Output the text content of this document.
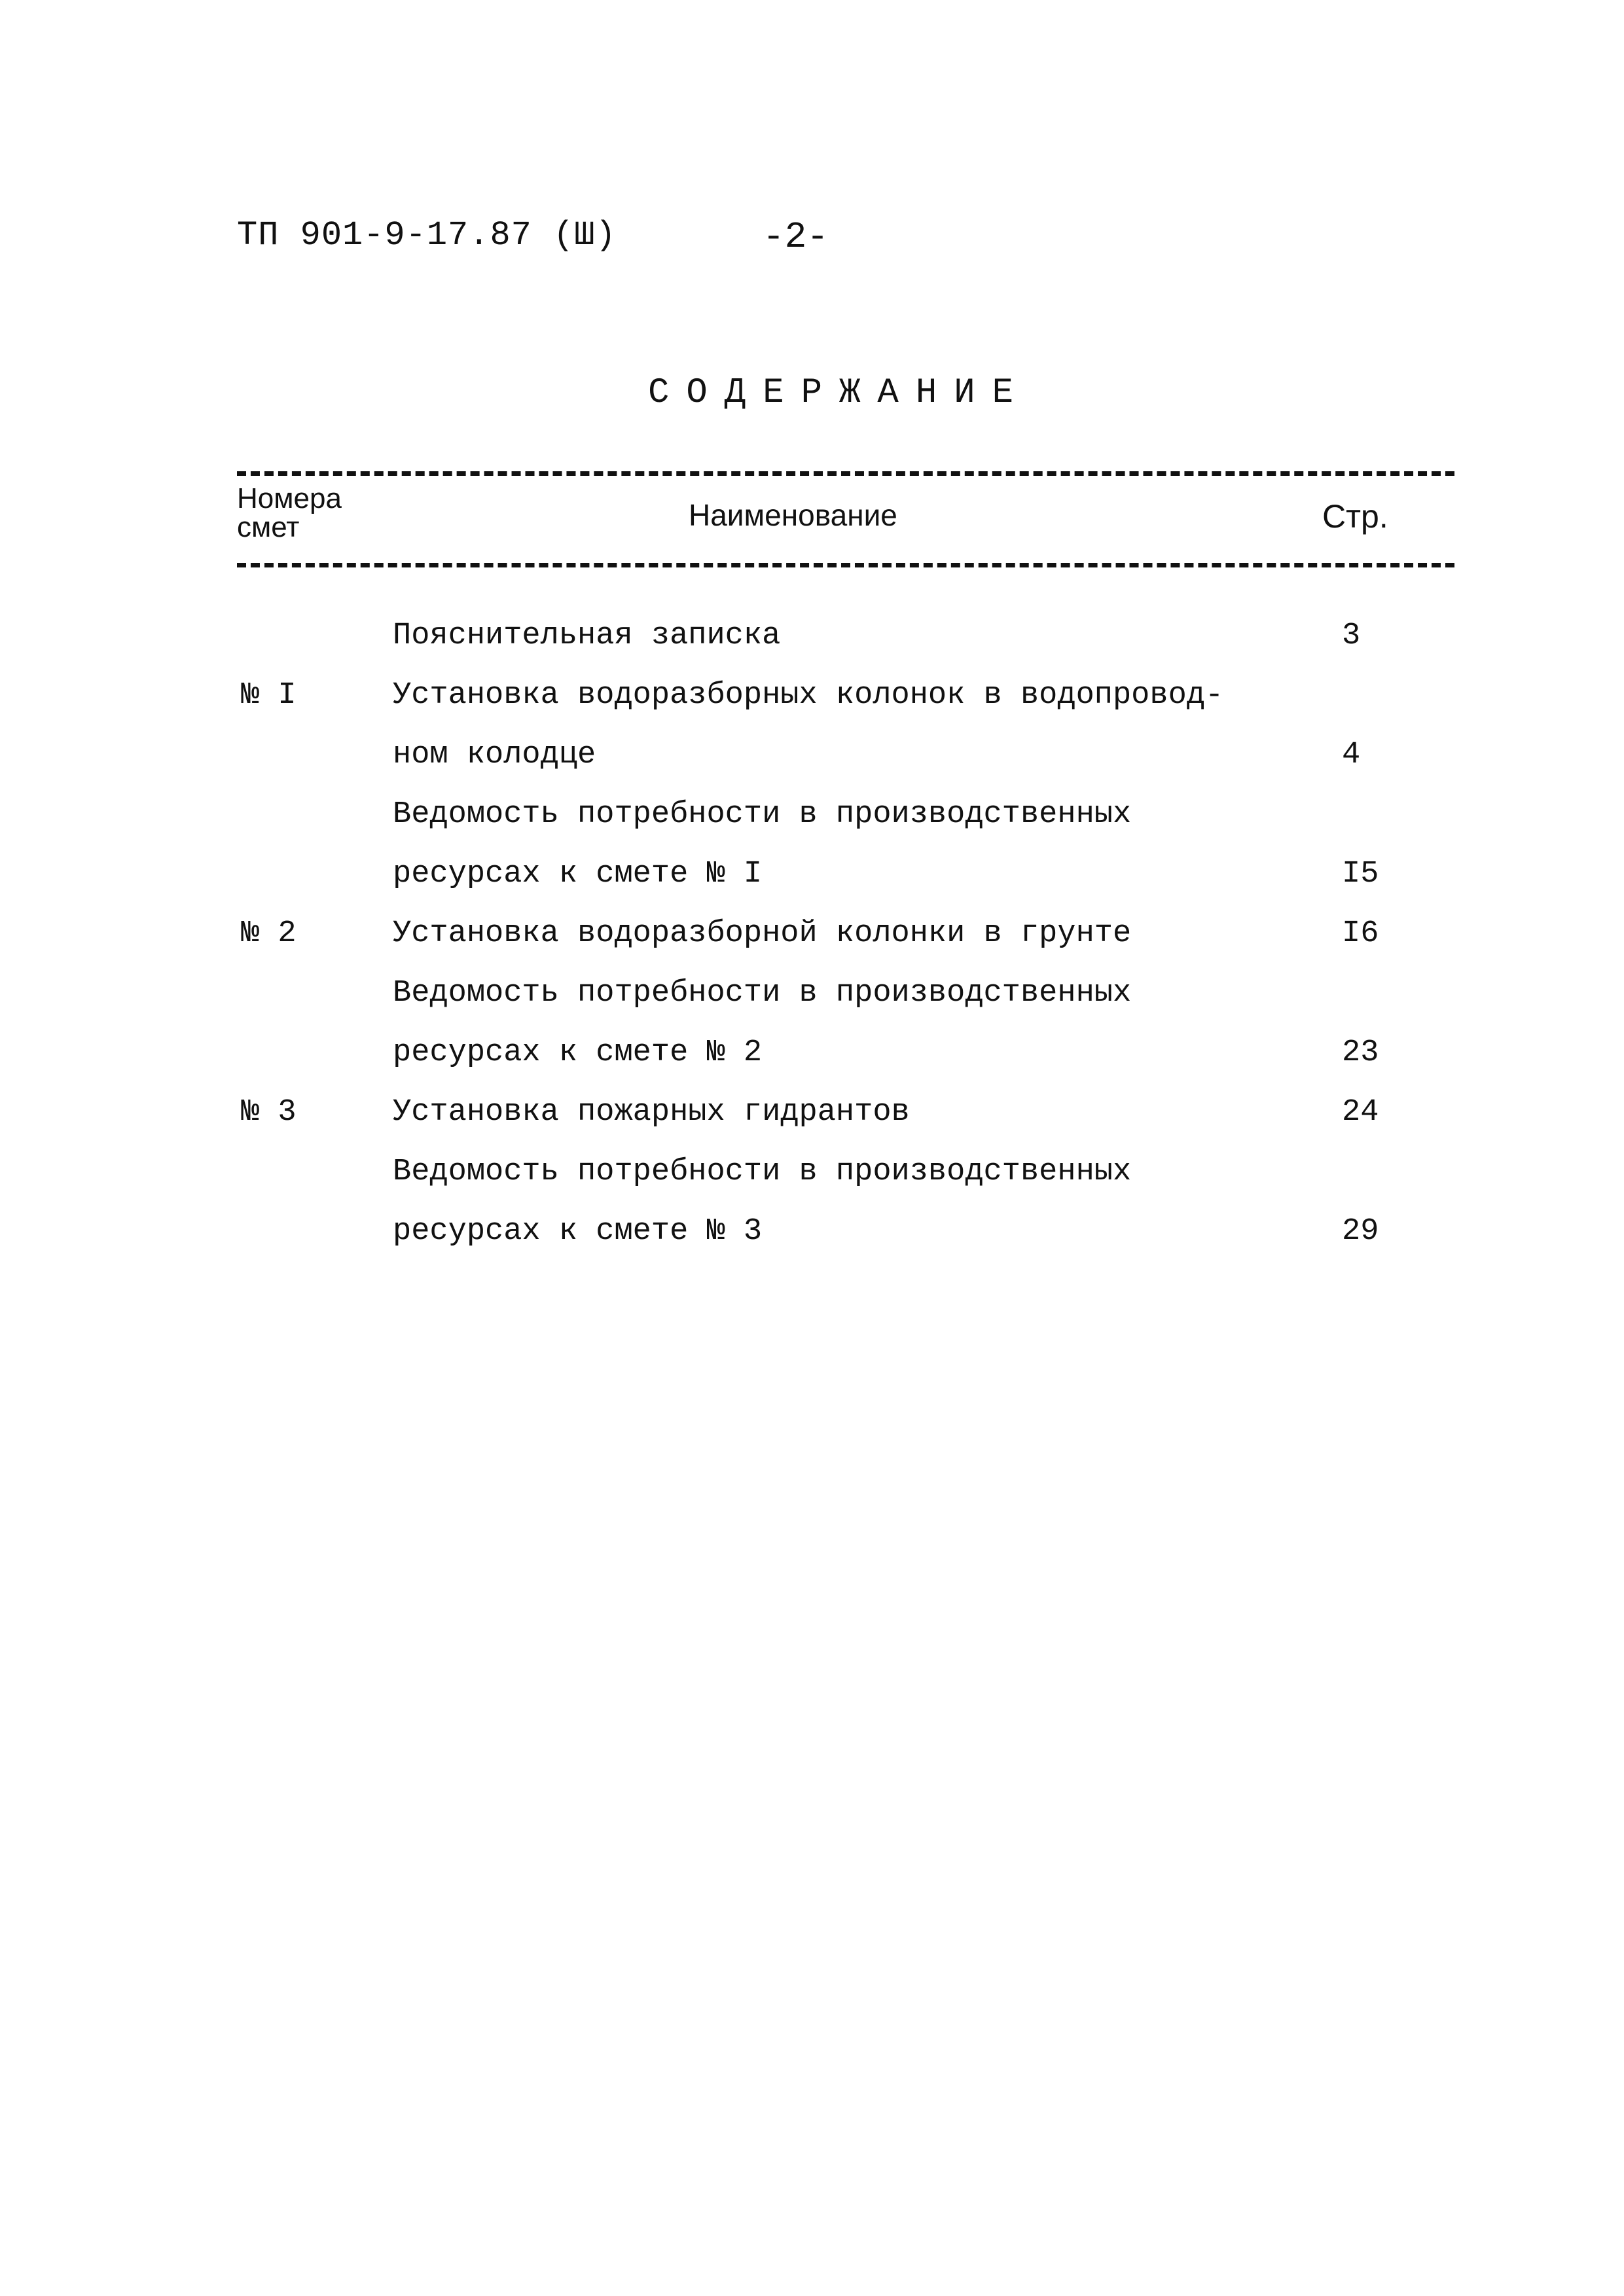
ТП 901-9-17.87 (Ш)	-2-
СОДЕРЖАНИЕ
Номера
смет	Наименование	Стр.
Пояснительная записка	3
№ I	Установка водоразборных колонок в водопровод-
ном колодце	4
Ведомость потребности в производственных
ресурсах к смете № I	I5
№ 2	Установка водоразборной колонки в грунте	I6
Ведомость потребности в производственных
ресурсах к смете № 2	23
№ 3	Установка пожарных гидрантов	24
Ведомость потребности в производственных
ресурсах к смете № 3	29
